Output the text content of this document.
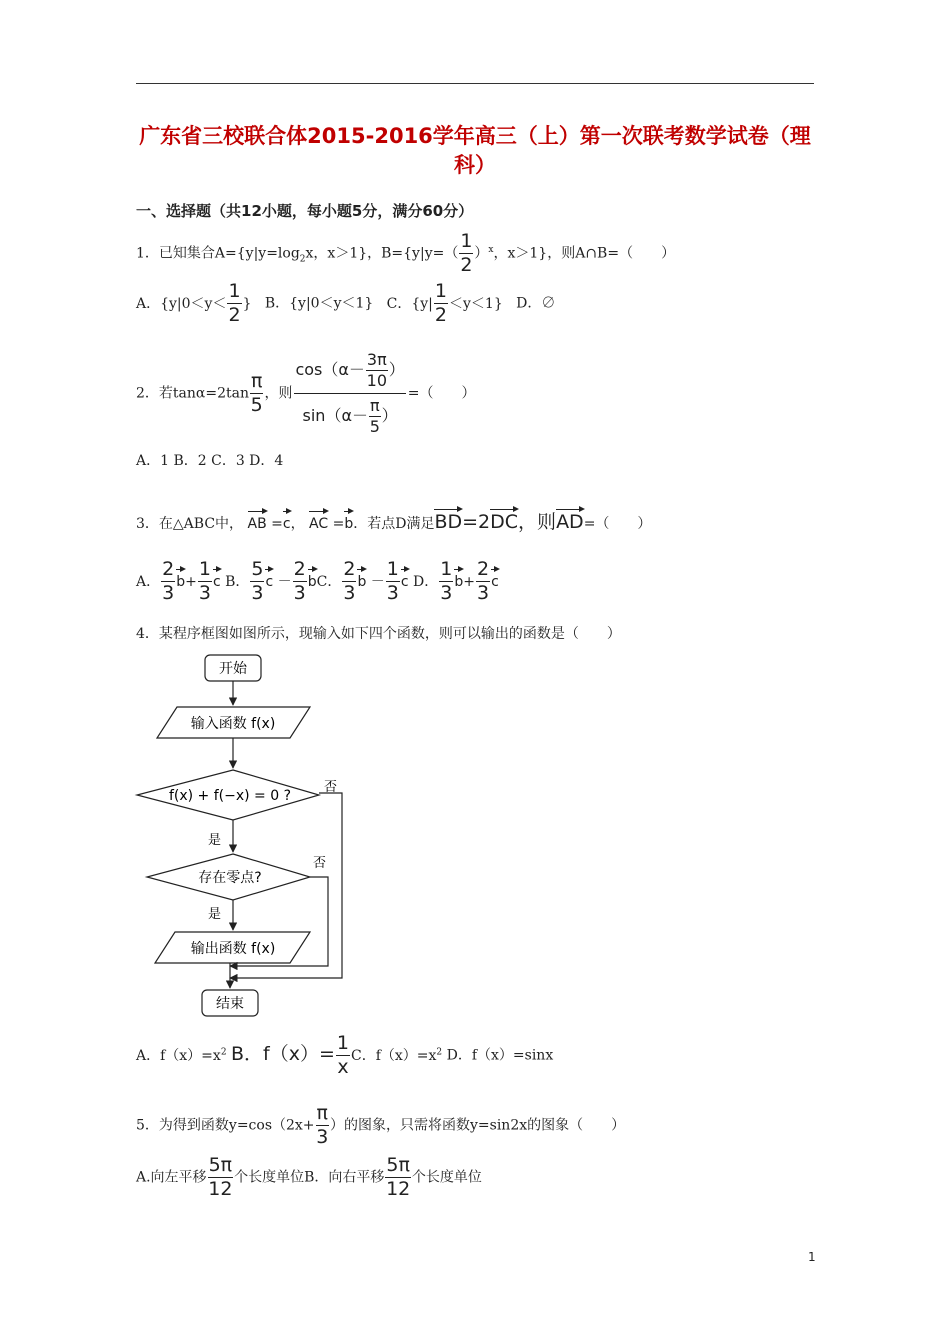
广东省三校联合体2015-2016学年高三（上）第一次联考数学试卷（理科）
一、选择题（共12小题，每小题5分，满分60分）
1．已知集合$A=\{y|y=\log_2x$，x＞1}，$B=\{y|y=( \frac{1}{2} )^x$，x＞1}，则A∩B=（　　）
A．{$y|0<y< \frac{1}{2}$ } B．{y|0＜y＜1} C．$\{y| \frac{1}{2} <y<1\}$ D．∅
2．若$\tan\alpha=2\tan \frac{\pi}{5}$ ，则 $\frac{\cos(\alpha- \frac{3\pi}{10} )}{\sin(\alpha- \frac{\pi}{5} )}$ =（　　）
A．1 B．2 C．3 D．4
3．在△ABC中， AB =c， AC =b．若点D满足BD=2DC，则AD=（　　）
A． $\frac{2}{3} b+ \frac{1}{3}$ c B． $\frac{5}{3}$ $c - \frac{2}{3}$ bC． $\frac{2}{3}$ $b - \frac{1}{3}$ c D． $\frac{1}{3} b+ \frac{2}{3}$ c
4．某程序框图如图所示，现输入如下四个函数，则可以输出的函数是（　　）
开始
输入函数 f(x)
f(x) + f(−x) = 0 ?
否
是
存在零点?
否
是
输出函数 f(x)
结束
A．$f(x)=x^2$ B．$f(x)= \frac{1}{x}$ C．$f(x)=x^2$ D．f（x）=sinx
5．为得到函数$y=\cos(2x+ \frac{\pi}{3}$ ）的图象，只需将函数y=sin2x的图象（　　）
A.向左平移 $\frac{5\pi}{12}$ 个长度单位B．向右平移 $\frac{5\pi}{12}$ 个长度单位
1
